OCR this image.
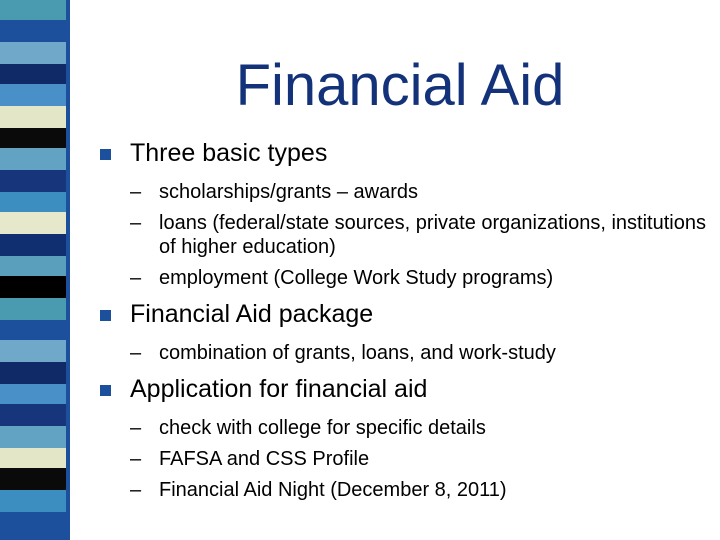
Financial Aid
Three basic types
– scholarships/grants – awards
– loans (federal/state sources, private organizations, institutions of higher education)
– employment (College Work Study programs)
Financial Aid package
– combination of grants, loans, and work-study
Application for financial aid
– check with college for specific details
– FAFSA and CSS Profile
– Financial Aid Night (December 8, 2011)
